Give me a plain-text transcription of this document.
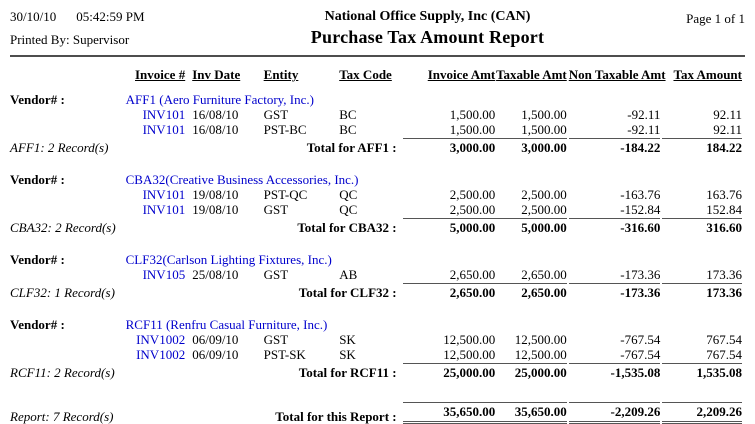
30/10/10 05:42:59 PM
Printed By: Supervisor
National Office Supply, Inc (CAN)
Purchase Tax Amount Report
Page 1 of 1
	Invoice #	Inv Date	Entity	Tax Code	Invoice Amt	Taxable Amt	Non Taxable Amt	Tax Amount
Vendor# :	AFF1 (Aero Furniture Factory, Inc.)							
	INV101	16/08/10	GST	BC	1,500.00	1,500.00	-92.11	92.11
	INV101	16/08/10	PST-BC	BC	1,500.00	1,500.00	-92.11	92.11
AFF1: 2 Record(s)	Total for AFF1 :				3,000.00	3,000.00	-184.22	184.22

Vendor# :	CBA32(Creative Business Accessories, Inc.)							
	INV101	19/08/10	PST-QC	QC	2,500.00	2,500.00	-163.76	163.76
	INV101	19/08/10	GST	QC	2,500.00	2,500.00	-152.84	152.84
CBA32: 2 Record(s)	Total for CBA32 :				5,000.00	5,000.00	-316.60	316.60

Vendor# :	CLF32(Carlson Lighting Fixtures, Inc.)							
	INV105	25/08/10	GST	AB	2,650.00	2,650.00	-173.36	173.36
CLF32: 1 Record(s)	Total for CLF32 :				2,650.00	2,650.00	-173.36	173.36

Vendor# :	RCF11 (Renfru Casual Furniture, Inc.)							
	INV1002	06/09/10	GST	SK	12,500.00	12,500.00	-767.54	767.54
	INV1002	06/09/10	PST-SK	SK	12,500.00	12,500.00	-767.54	767.54
RCF11: 2 Record(s)	Total for RCF11 :				25,000.00	25,000.00	-1,535.08	1,535.08

Report: 7 Record(s)	Total for this Report :				35,650.00	35,650.00	-2,209.26	2,209.26
